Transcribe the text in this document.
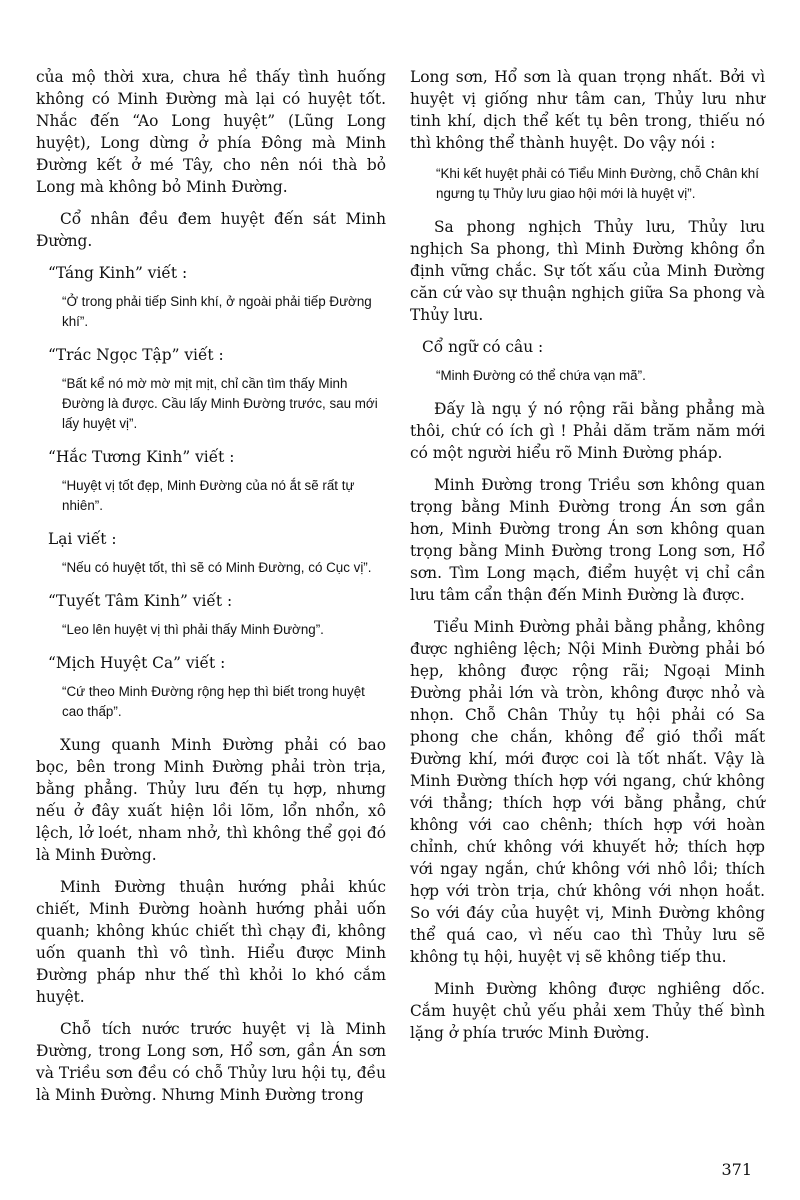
của mộ thời xưa, chưa hề thấy tình huống không có Minh Đường mà lại có huyệt tốt. Nhắc đến “Ao Long huyệt” (Lũng Long huyệt), Long dừng ở phía Đông mà Minh Đường kết ở mé Tây, cho nên nói thà bỏ Long mà không bỏ Minh Đường.

Cổ nhân đều đem huyệt đến sát Minh Đường.

“Táng Kinh” viết :

“Ở trong phải tiếp Sinh khí, ở ngoài phải tiếp Đường khí”.

“Trác Ngọc Tập” viết :

“Bất kể nó mờ mờ mịt mịt, chỉ cần tìm thấy Minh Đường là được. Cầu lấy Minh Đường trước, sau mới lấy huyệt vị”.

“Hắc Tương Kinh” viết :

“Huyệt vị tốt đẹp, Minh Đường của nó ắt sẽ rất tự nhiên”.

Lại viết :

“Nếu có huyệt tốt, thì sẽ có Minh Đường, có Cục vị”.

“Tuyết Tâm Kinh” viết :

“Leo lên huyệt vị thì phải thấy Minh Đường”.

“Mịch Huyệt Ca” viết :

“Cứ theo Minh Đường rộng hẹp thì biết trong huyệt cao thấp”.

Xung quanh Minh Đường phải có bao bọc, bên trong Minh Đường phải tròn trịa, bằng phẳng. Thủy lưu đến tụ hợp, nhưng nếu ở đây xuất hiện lồi lõm, lổn nhổn, xô lệch, lở loét, nham nhở, thì không thể gọi đó là Minh Đường.

Minh Đường thuận hướng phải khúc chiết, Minh Đường hoành hướng phải uốn quanh; không khúc chiết thì chạy đi, không uốn quanh thì vô tình. Hiểu được Minh Đường pháp như thế thì khỏi lo khó cắm huyệt.

Chỗ tích nước trước huyệt vị là Minh Đường, trong Long sơn, Hổ sơn, gần Án sơn và Triều sơn đều có chỗ Thủy lưu hội tụ, đều là Minh Đường. Nhưng Minh Đường trong

Long sơn, Hổ sơn là quan trọng nhất. Bởi vì huyệt vị giống như tâm can, Thủy lưu như tinh khí, dịch thể kết tụ bên trong, thiếu nó thì không thể thành huyệt. Do vậy nói :

“Khi kết huyệt phải có Tiểu Minh Đường, chỗ Chân khí ngưng tụ Thủy lưu giao hội mới là huyệt vị”.

Sa phong nghịch Thủy lưu, Thủy lưu nghịch Sa phong, thì Minh Đường không ổn định vững chắc. Sự tốt xấu của Minh Đường căn cứ vào sự thuận nghịch giữa Sa phong và Thủy lưu.

Cổ ngữ có câu :

“Minh Đường có thể chứa vạn mã”.

Đấy là ngụ ý nó rộng rãi bằng phẳng mà thôi, chứ có ích gì ! Phải dăm trăm năm mới có một người hiểu rõ Minh Đường pháp.

Minh Đường trong Triều sơn không quan trọng bằng Minh Đường trong Án sơn gần hơn, Minh Đường trong Án sơn không quan trọng bằng Minh Đường trong Long sơn, Hổ sơn. Tìm Long mạch, điểm huyệt vị chỉ cần lưu tâm cẩn thận đến Minh Đường là được.

Tiểu Minh Đường phải bằng phẳng, không được nghiêng lệch; Nội Minh Đường phải bó hẹp, không được rộng rãi; Ngoại Minh Đường phải lớn và tròn, không được nhỏ và nhọn. Chỗ Chân Thủy tụ hội phải có Sa phong che chắn, không để gió thổi mất Đường khí, mới được coi là tốt nhất. Vậy là Minh Đường thích hợp với ngang, chứ không với thẳng; thích hợp với bằng phẳng, chứ không với cao chênh; thích hợp với hoàn chỉnh, chứ không với khuyết hở; thích hợp với ngay ngắn, chứ không với nhô lồi; thích hợp với tròn trịa, chứ không với nhọn hoắt. So với đáy của huyệt vị, Minh Đường không thể quá cao, vì nếu cao thì Thủy lưu sẽ không tụ hội, huyệt vị sẽ không tiếp thu.

Minh Đường không được nghiêng dốc. Cắm huyệt chủ yếu phải xem Thủy thế bình lặng ở phía trước Minh Đường.

371
